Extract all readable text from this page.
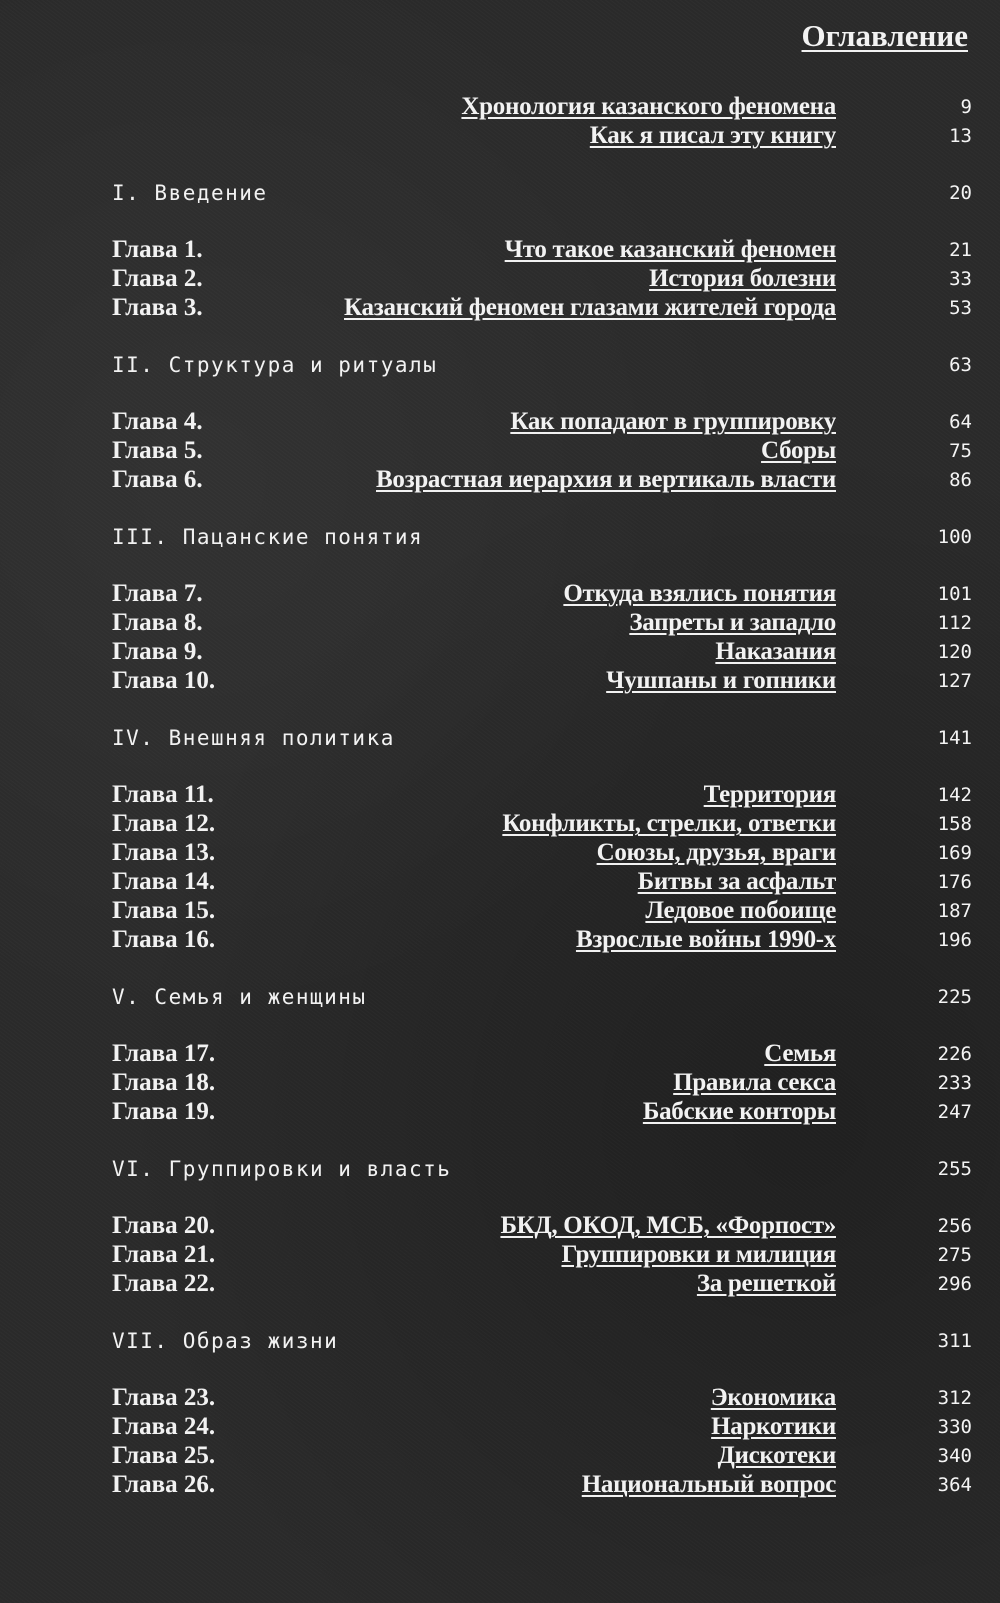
Оглавление
Хронология казанского феномена	9
Как я писал эту книгу	13
I. Введение	20
Глава 1.	Что такое казанский феномен	21
Глава 2.	История болезни	33
Глава 3.	Казанский феномен глазами жителей города	53
II. Структура и ритуалы	63
Глава 4.	Как попадают в группировку	64
Глава 5.	Сборы	75
Глава 6.	Возрастная иерархия и вертикаль власти	86
III. Пацанские понятия	100
Глава 7.	Откуда взялись понятия	101
Глава 8.	Запреты и западло	112
Глава 9.	Наказания	120
Глава 10.	Чушпаны и гопники	127
IV. Внешняя политика	141
Глава 11.	Территория	142
Глава 12.	Конфликты, стрелки, ответки	158
Глава 13.	Союзы, друзья, враги	169
Глава 14.	Битвы за асфальт	176
Глава 15.	Ледовое побоище	187
Глава 16.	Взрослые войны 1990-х	196
V. Семья и женщины	225
Глава 17.	Семья	226
Глава 18.	Правила секса	233
Глава 19.	Бабские конторы	247
VI. Группировки и власть	255
Глава 20.	БКД, ОКОД, МСБ, «Форпост»	256
Глава 21.	Группировки и милиция	275
Глава 22.	За решеткой	296
VII. Образ жизни	311
Глава 23.	Экономика	312
Глава 24.	Наркотики	330
Глава 25.	Дискотеки	340
Глава 26.	Национальный вопрос	364
